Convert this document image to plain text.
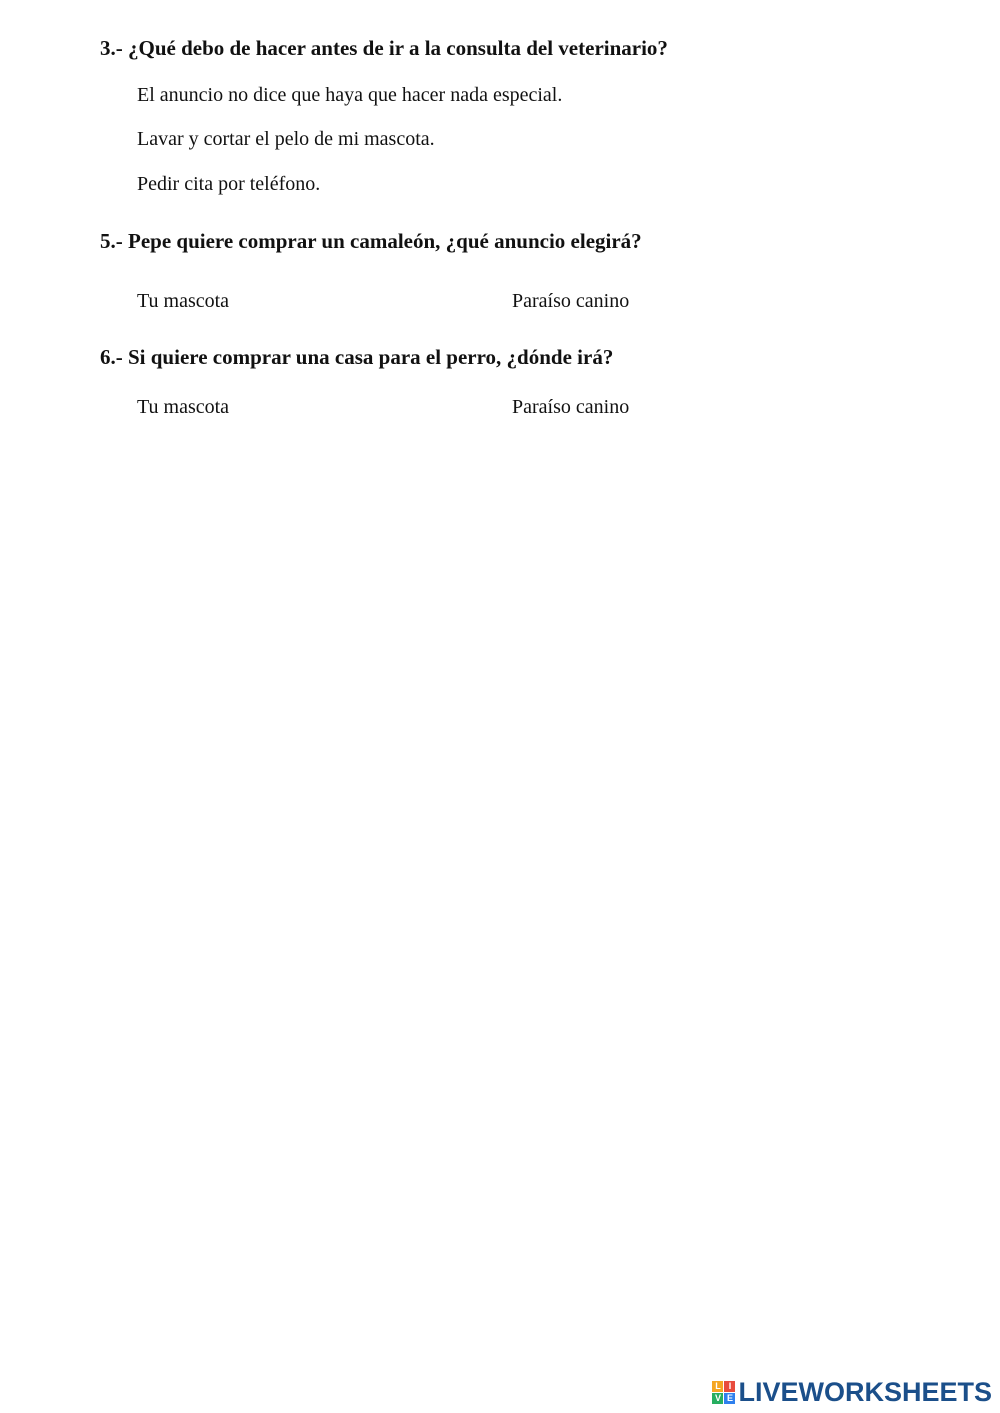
3.- ¿Qué debo de hacer antes de ir a la consulta del veterinario?

El anuncio no dice que haya que hacer nada especial.
Lavar y cortar el pelo de mi mascota.
Pedir cita por teléfono.

5.- Pepe quiere comprar un camaleón, ¿qué anuncio elegirá?

Tu mascota	Paraíso canino

6.- Si quiere comprar una casa para el perro, ¿dónde irá?

Tu mascota	Paraíso canino
L I
V E LIVEWORKSHEETS
